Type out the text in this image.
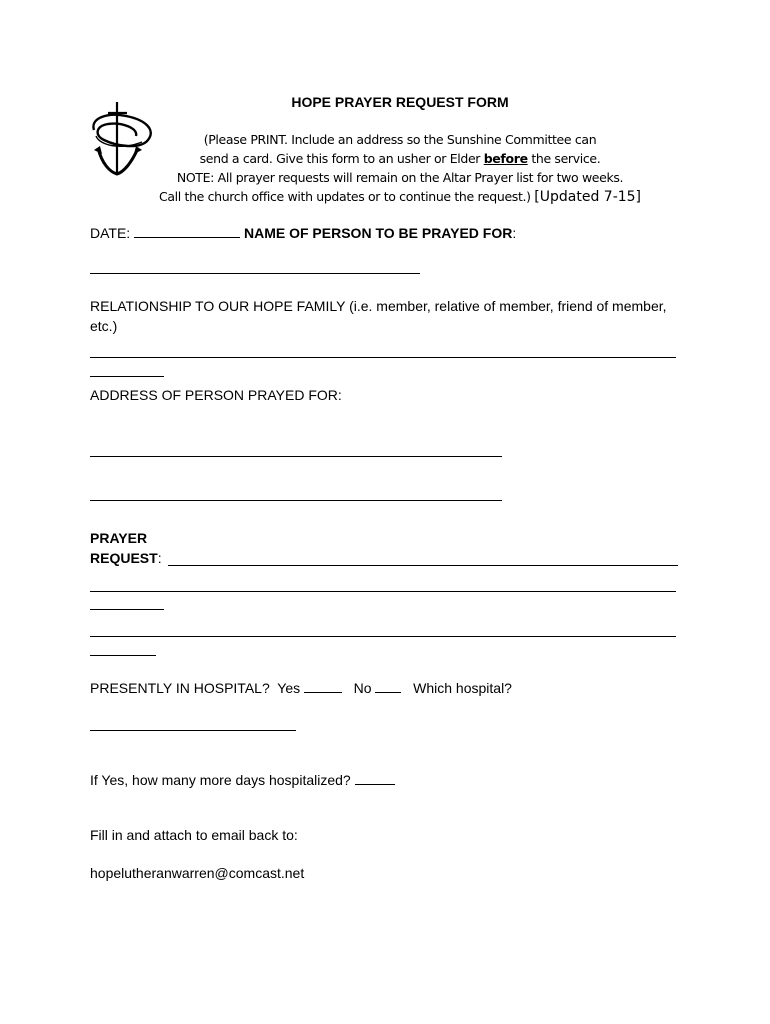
HOPE PRAYER REQUEST FORM
(Please PRINT. Include an address so the Sunshine Committee can
send a card. Give this form to an usher or Elder before the service.
NOTE: All prayer requests will remain on the Altar Prayer list for two weeks.
Call the church office with updates or to continue the request.) [Updated 7-15]
DATE:	NAME OF PERSON TO BE PRAYED FOR:
RELATIONSHIP TO OUR HOPE FAMILY (i.e. member, relative of member, friend of member, etc.)
ADDRESS OF PERSON PRAYED FOR:
PRAYER
REQUEST:
PRESENTLY IN HOSPITAL? Yes	No	Which hospital?
If Yes, how many more days hospitalized?
Fill in and attach to email back to:
hopelutheranwarren@comcast.net
